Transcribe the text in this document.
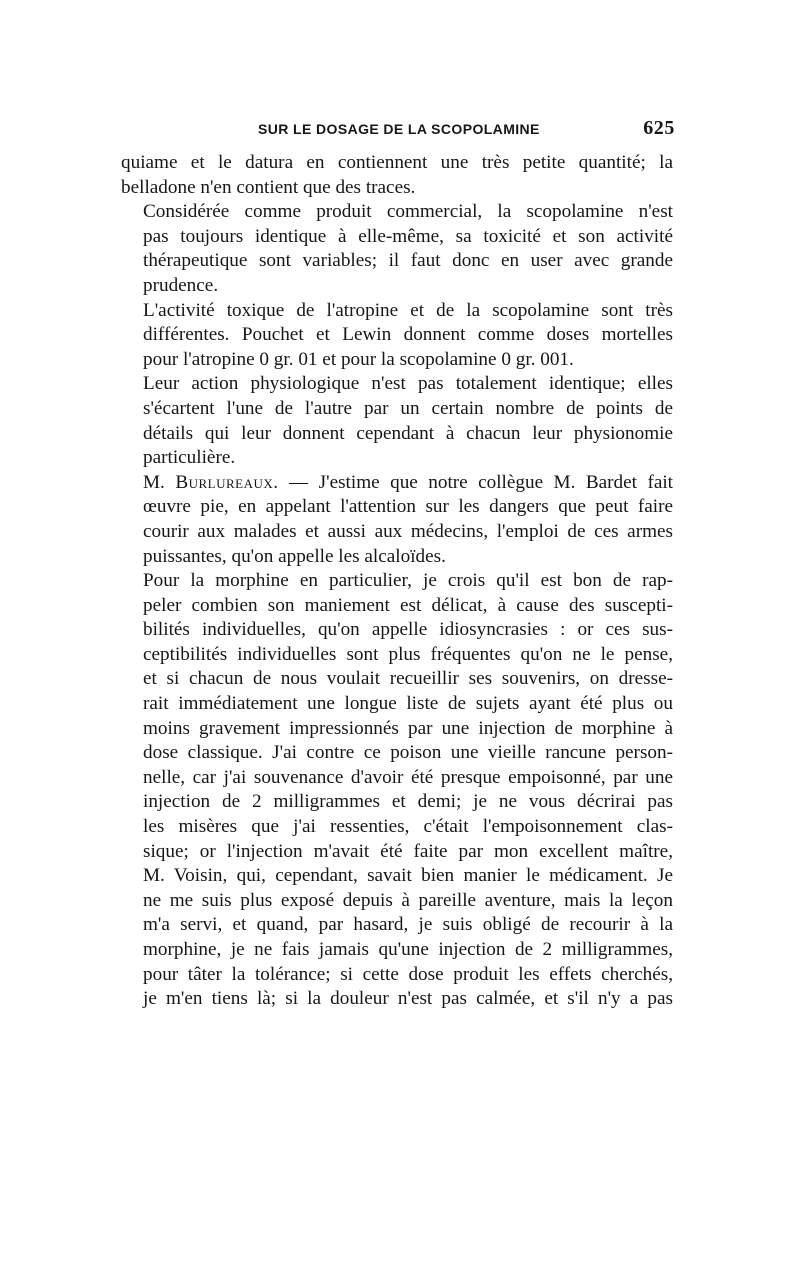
SUR LE DOSAGE DE LA SCOPOLAMINE	625

quiame et le datura en contiennent une très petite quantité; la
belladone n'en contient que des traces.

Considérée comme produit commercial, la scopolamine n'est
pas toujours identique à elle-même, sa toxicité et son activité
thérapeutique sont variables; il faut donc en user avec grande
prudence.

L'activité toxique de l'atropine et de la scopolamine sont très
différentes. Pouchet et Lewin donnent comme doses mortelles
pour l'atropine 0 gr. 01 et pour la scopolamine 0 gr. 001.

Leur action physiologique n'est pas totalement identique; elles
s'écartent l'une de l'autre par un certain nombre de points de
détails qui leur donnent cependant à chacun leur physionomie
particulière.

M. Burlureaux. — J'estime que notre collègue M. Bardet fait
œuvre pie, en appelant l'attention sur les dangers que peut faire
courir aux malades et aussi aux médecins, l'emploi de ces armes
puissantes, qu'on appelle les alcaloïdes.

Pour la morphine en particulier, je crois qu'il est bon de rap-
peler combien son maniement est délicat, à cause des suscepti-
bilités individuelles, qu'on appelle idiosyncrasies : or ces sus-
ceptibilités individuelles sont plus fréquentes qu'on ne le pense,
et si chacun de nous voulait recueillir ses souvenirs, on dresse-
rait immédiatement une longue liste de sujets ayant été plus ou
moins gravement impressionnés par une injection de morphine à
dose classique. J'ai contre ce poison une vieille rancune person-
nelle, car j'ai souvenance d'avoir été presque empoisonné, par une
injection de 2 milligrammes et demi; je ne vous décrirai pas
les misères que j'ai ressenties, c'était l'empoisonnement clas-
sique; or l'injection m'avait été faite par mon excellent maître,
M. Voisin, qui, cependant, savait bien manier le médicament. Je
ne me suis plus exposé depuis à pareille aventure, mais la leçon
m'a servi, et quand, par hasard, je suis obligé de recourir à la
morphine, je ne fais jamais qu'une injection de 2 milligrammes,
pour tâter la tolérance; si cette dose produit les effets cherchés,
je m'en tiens là; si la douleur n'est pas calmée, et s'il n'y a pas
